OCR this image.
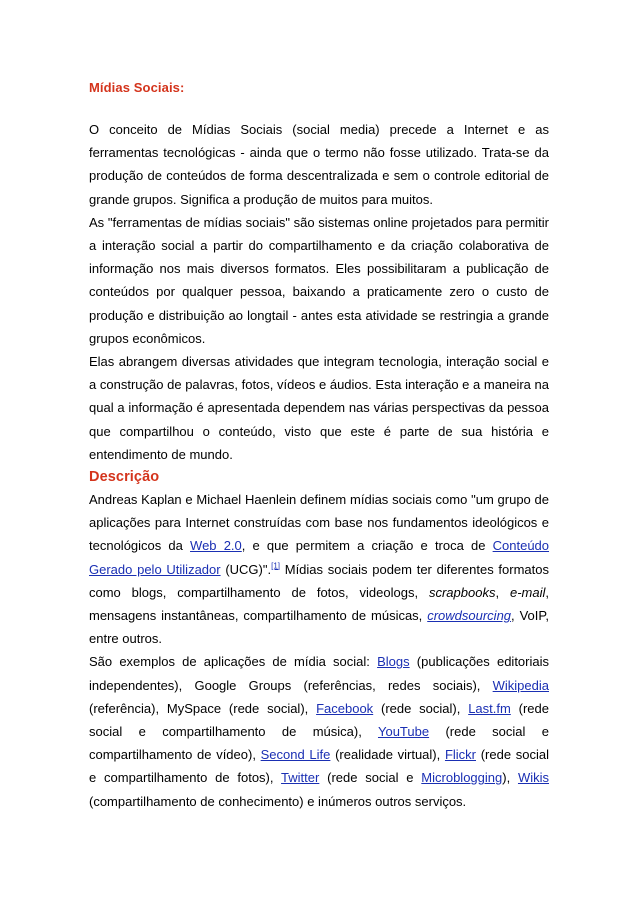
Mídias Sociais:

O conceito de Mídias Sociais (social media) precede a Internet e as
ferramentas tecnológicas - ainda que o termo não fosse utilizado. Trata-se da
produção de conteúdos de forma descentralizada e sem o controle editorial de
grande grupos. Significa a produção de muitos para muitos.

As "ferramentas de mídias sociais" são sistemas online projetados para permitir
a interação social a partir do compartilhamento e da criação colaborativa de
informação nos mais diversos formatos. Eles possibilitaram a publicação de
conteúdos por qualquer pessoa, baixando a praticamente zero o custo de
produção e distribuição ao longtail - antes esta atividade se restringia a grande
grupos econômicos.

Elas abrangem diversas atividades que integram tecnologia, interação social e
a construção de palavras, fotos, vídeos e áudios. Esta interação e a maneira na
qual a informação é apresentada dependem nas várias perspectivas da pessoa
que compartilhou o conteúdo, visto que este é parte de sua história e
entendimento de mundo.

Descrição

Andreas Kaplan e Michael Haenlein definem mídias sociais como "um grupo de
aplicações para Internet construídas com base nos fundamentos ideológicos e
tecnológicos da Web 2.0, e que permitem a criação e troca de Conteúdo
Gerado pelo Utilizador (UCG)".[1] Mídias sociais podem ter diferentes formatos
como blogs, compartilhamento de fotos, videologs, scrapbooks, e-mail,
mensagens instantâneas, compartilhamento de músicas, crowdsourcing, VoIP,
entre outros.

São exemplos de aplicações de mídia social: Blogs (publicações editoriais
independentes), Google Groups (referências, redes sociais), Wikipedia
(referência), MySpace (rede social), Facebook (rede social), Last.fm (rede
social e compartilhamento de música), YouTube (rede social e
compartilhamento de vídeo), Second Life (realidade virtual), Flickr (rede social
e compartilhamento de fotos), Twitter (rede social e Microblogging), Wikis
(compartilhamento de conhecimento) e inúmeros outros serviços.
